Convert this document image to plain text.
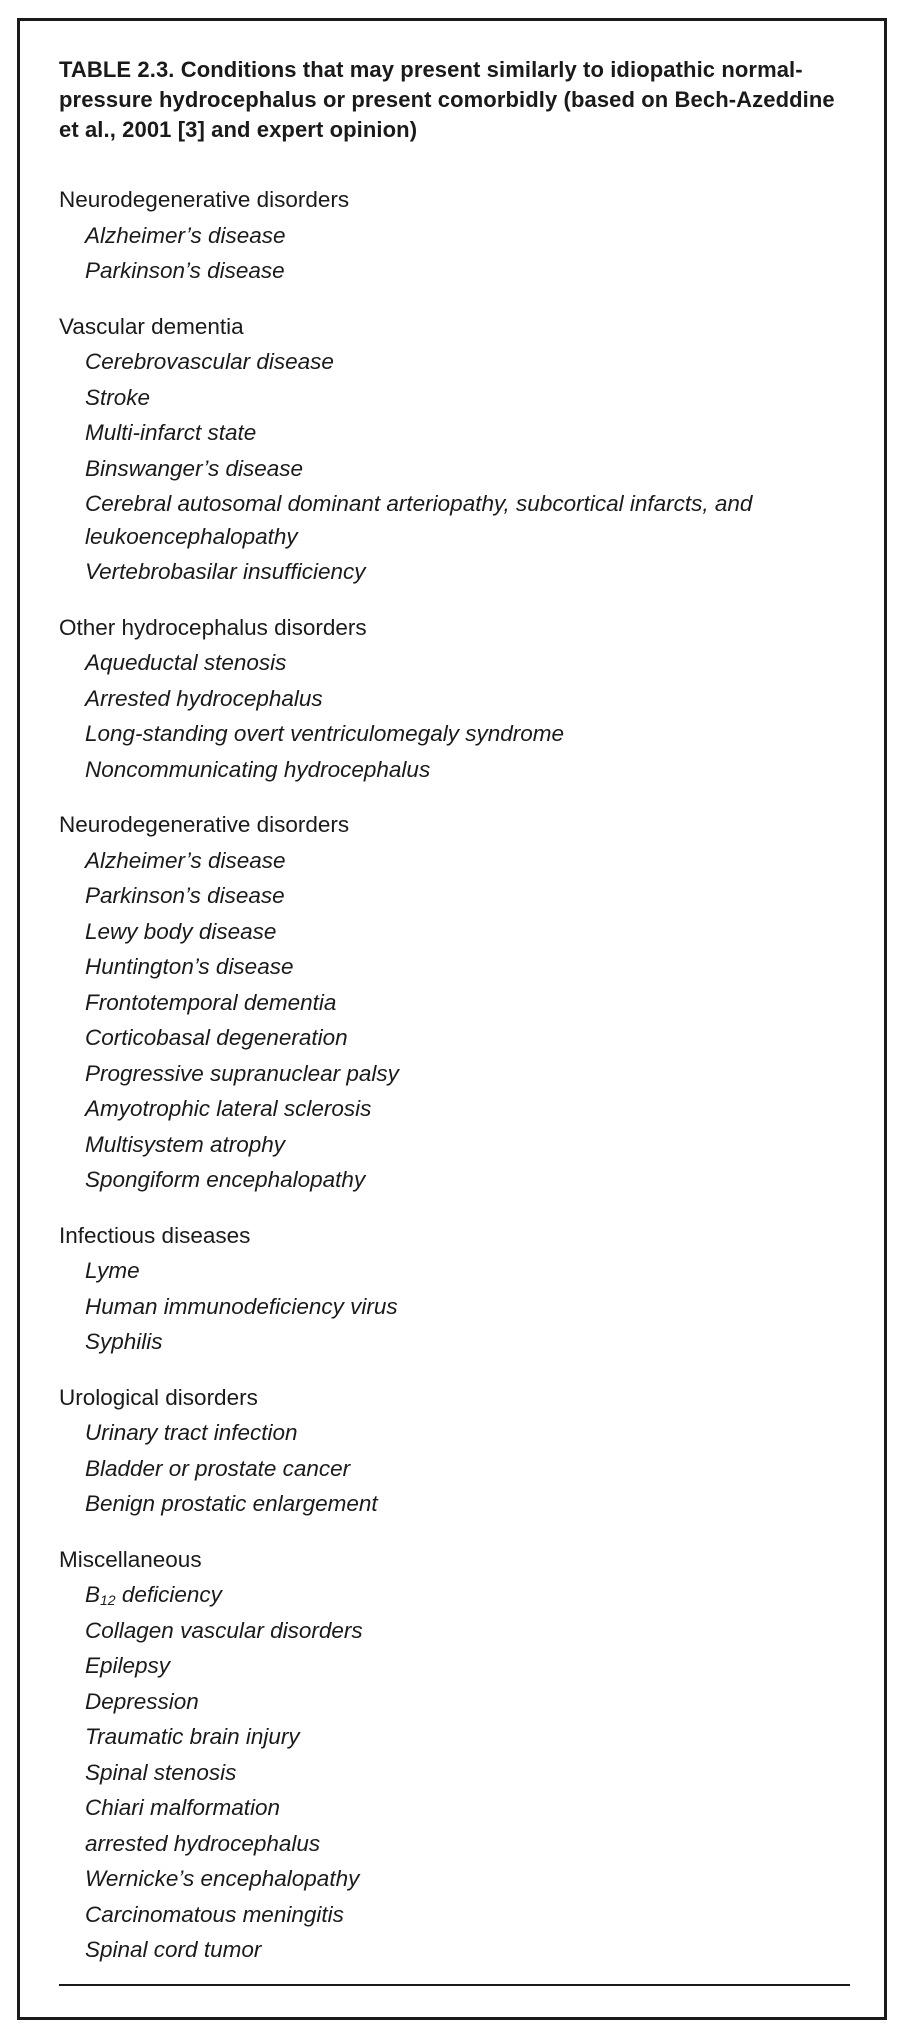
TABLE 2.3. Conditions that may present similarly to idiopathic normal-pressure hydrocephalus or present comorbidly (based on Bech-Azeddine et al., 2001 [3] and expert opinion)
Neurodegenerative disorders
Alzheimer’s disease
Parkinson’s disease
Vascular dementia
Cerebrovascular disease
Stroke
Multi-infarct state
Binswanger’s disease
Cerebral autosomal dominant arteriopathy, subcortical infarcts, and leukoencephalopathy
Vertebrobasilar insufficiency
Other hydrocephalus disorders
Aqueductal stenosis
Arrested hydrocephalus
Long-standing overt ventriculomegaly syndrome
Noncommunicating hydrocephalus
Neurodegenerative disorders
Alzheimer’s disease
Parkinson’s disease
Lewy body disease
Huntington’s disease
Frontotemporal dementia
Corticobasal degeneration
Progressive supranuclear palsy
Amyotrophic lateral sclerosis
Multisystem atrophy
Spongiform encephalopathy
Infectious diseases
Lyme
Human immunodeficiency virus
Syphilis
Urological disorders
Urinary tract infection
Bladder or prostate cancer
Benign prostatic enlargement
Miscellaneous
$B_{12}$ deficiency
Collagen vascular disorders
Epilepsy
Depression
Traumatic brain injury
Spinal stenosis
Chiari malformation
arrested hydrocephalus
Wernicke’s encephalopathy
Carcinomatous meningitis
Spinal cord tumor
